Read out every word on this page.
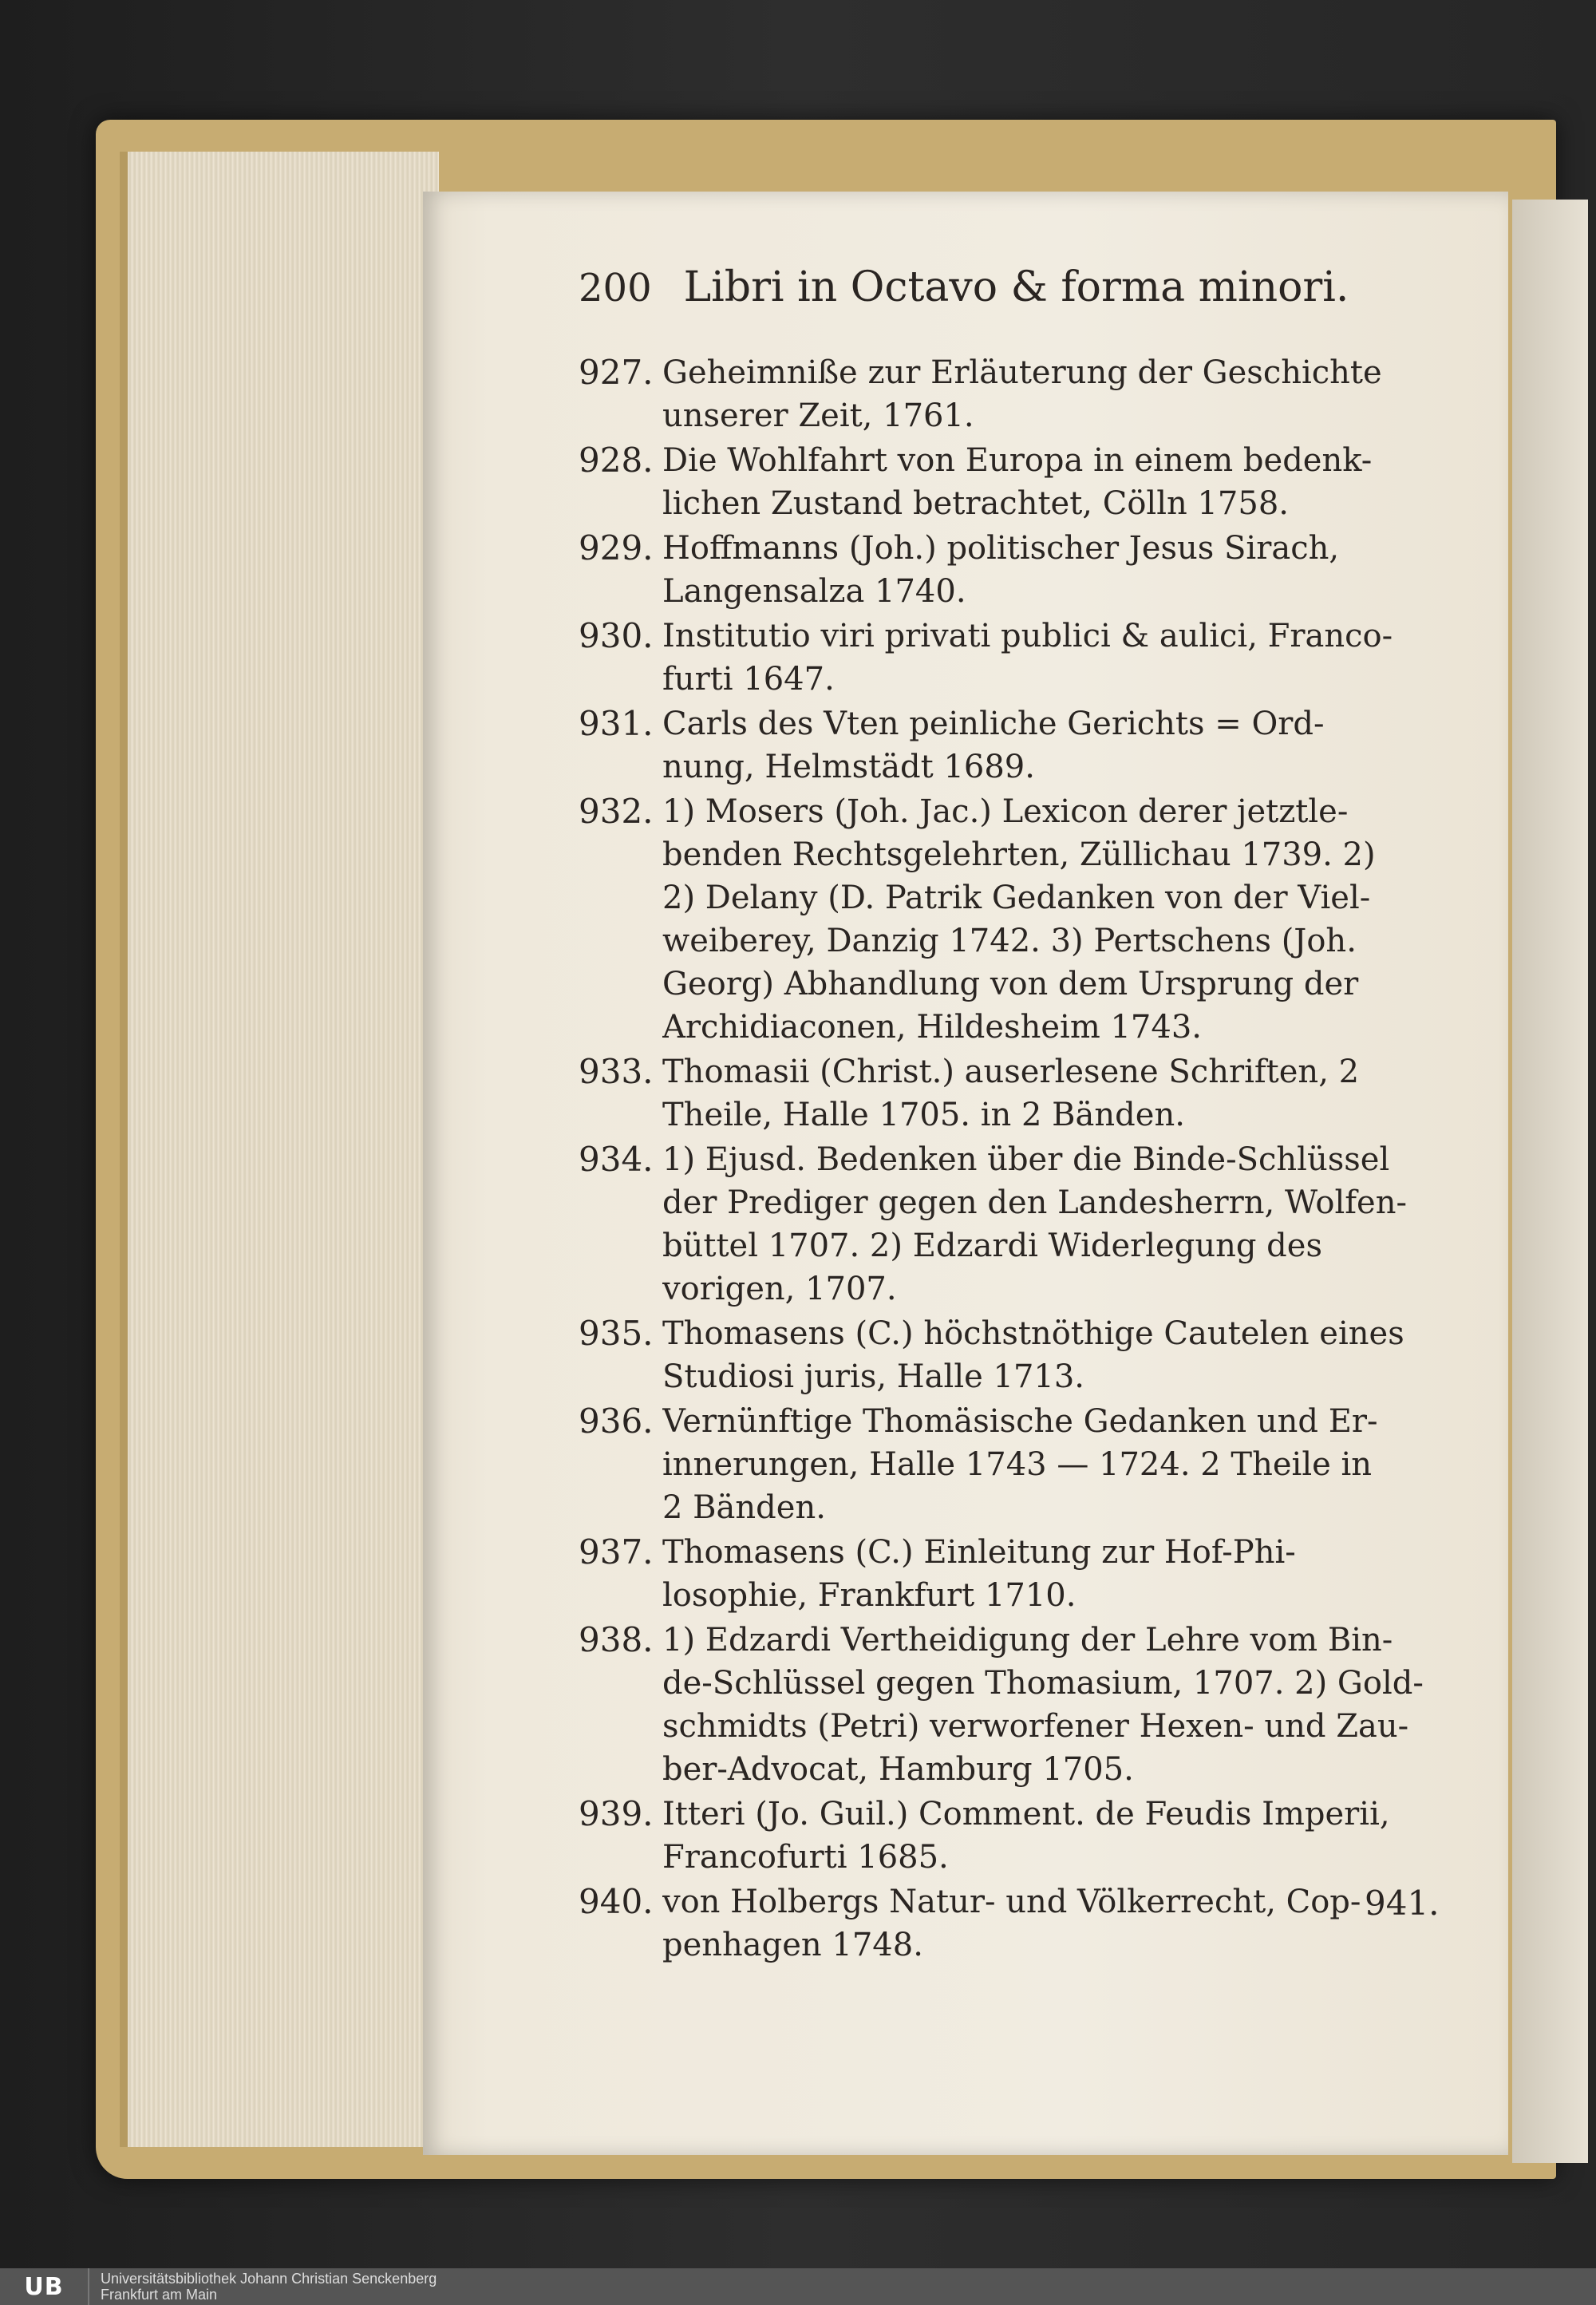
200 Libri in Octavo & forma minori.
927. Geheimniße zur Erläuterung der Geschichte
unserer Zeit, 1761.
928. Die Wohlfahrt von Europa in einem bedenk-
lichen Zustand betrachtet, Cölln 1758.
929. Hoffmanns (Joh.) politischer Jesus Sirach,
Langensalza 1740.
930. Institutio viri privati publici & aulici, Franco-
furti 1647.
931. Carls des Vten peinliche Gerichts = Ord-
nung, Helmstädt 1689.
932. 1) Mosers (Joh. Jac.) Lexicon derer jetztle-
benden Rechtsgelehrten, Züllichau 1739. 2)
2) Delany (D. Patrik Gedanken von der Viel-
weiberey, Danzig 1742. 3) Pertschens (Joh.
Georg) Abhandlung von dem Ursprung der
Archidiaconen, Hildesheim 1743.
933. Thomasii (Christ.) auserlesene Schriften, 2
Theile, Halle 1705. in 2 Bänden.
934. 1) Ejusd. Bedenken über die Binde-Schlüssel
der Prediger gegen den Landesherrn, Wolfen-
büttel 1707. 2) Edzardi Widerlegung des
vorigen, 1707.
935. Thomasens (C.) höchstnöthige Cautelen eines
Studiosi juris, Halle 1713.
936. Vernünftige Thomäsische Gedanken und Er-
innerungen, Halle 1743 — 1724. 2 Theile in
2 Bänden.
937. Thomasens (C.) Einleitung zur Hof-Phi-
losophie, Frankfurt 1710.
938. 1) Edzardi Vertheidigung der Lehre vom Bin-
de-Schlüssel gegen Thomasium, 1707. 2) Gold-
schmidts (Petri) verworfener Hexen- und Zau-
ber-Advocat, Hamburg 1705.
939. Itteri (Jo. Guil.) Comment. de Feudis Imperii,
Francofurti 1685.
940. von Holbergs Natur- und Völkerrecht, Cop-
penhagen 1748.
941.
UB	Universitätsbibliothek Johann Christian Senckenberg
Frankfurt am Main
